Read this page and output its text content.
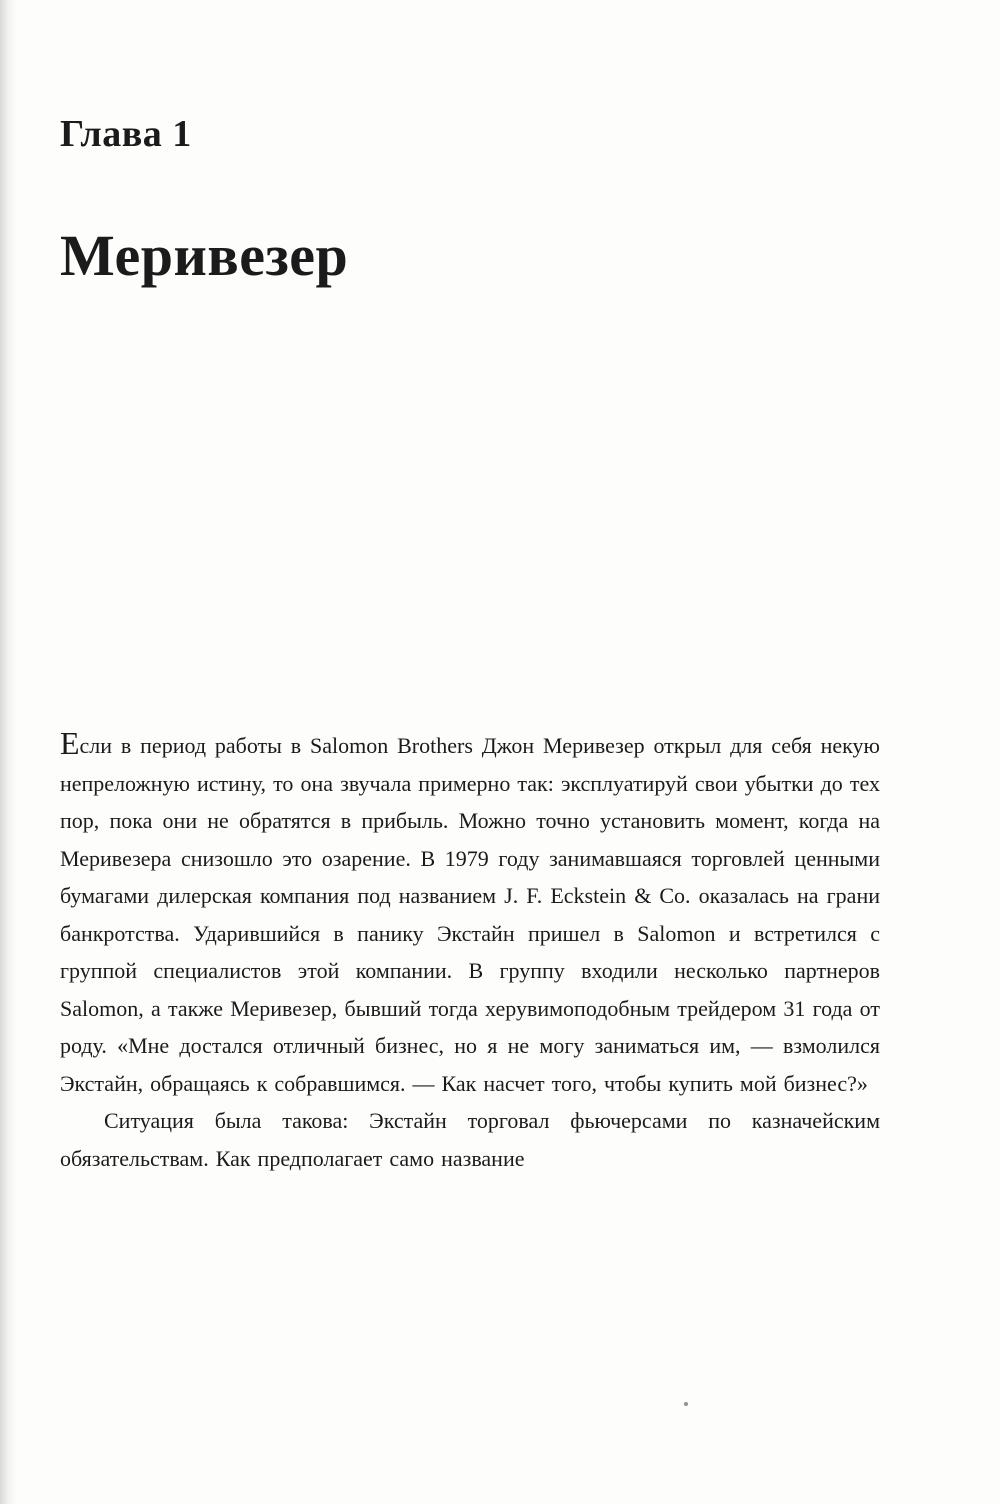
Глава 1

Меривезер

Если в период работы в Salomon Brothers Джон Меривезер открыл для себя некую непреложную истину, то она звучала примерно так: эксплуатируй свои убытки до тех пор, пока они не обратятся в прибыль. Можно точно установить момент, когда на Меривезера снизошло это озарение. В 1979 году занимавшаяся торговлей ценными бумагами дилерская компания под названием J. F. Eckstein & Co. оказалась на грани банкротства. Ударившийся в панику Экстайн пришел в Salomon и встретился с группой специалистов этой компании. В группу входили несколько партнеров Salomon, а также Меривезер, бывший тогда херувимоподобным трейдером 31 года от роду. «Мне достался отличный бизнес, но я не могу заниматься им, — взмолился Экстайн, обращаясь к собравшимся. — Как насчет того, чтобы купить мой бизнес?»

Ситуация была такова: Экстайн торговал фьючерсами по казначейским обязательствам. Как предполагает само название
